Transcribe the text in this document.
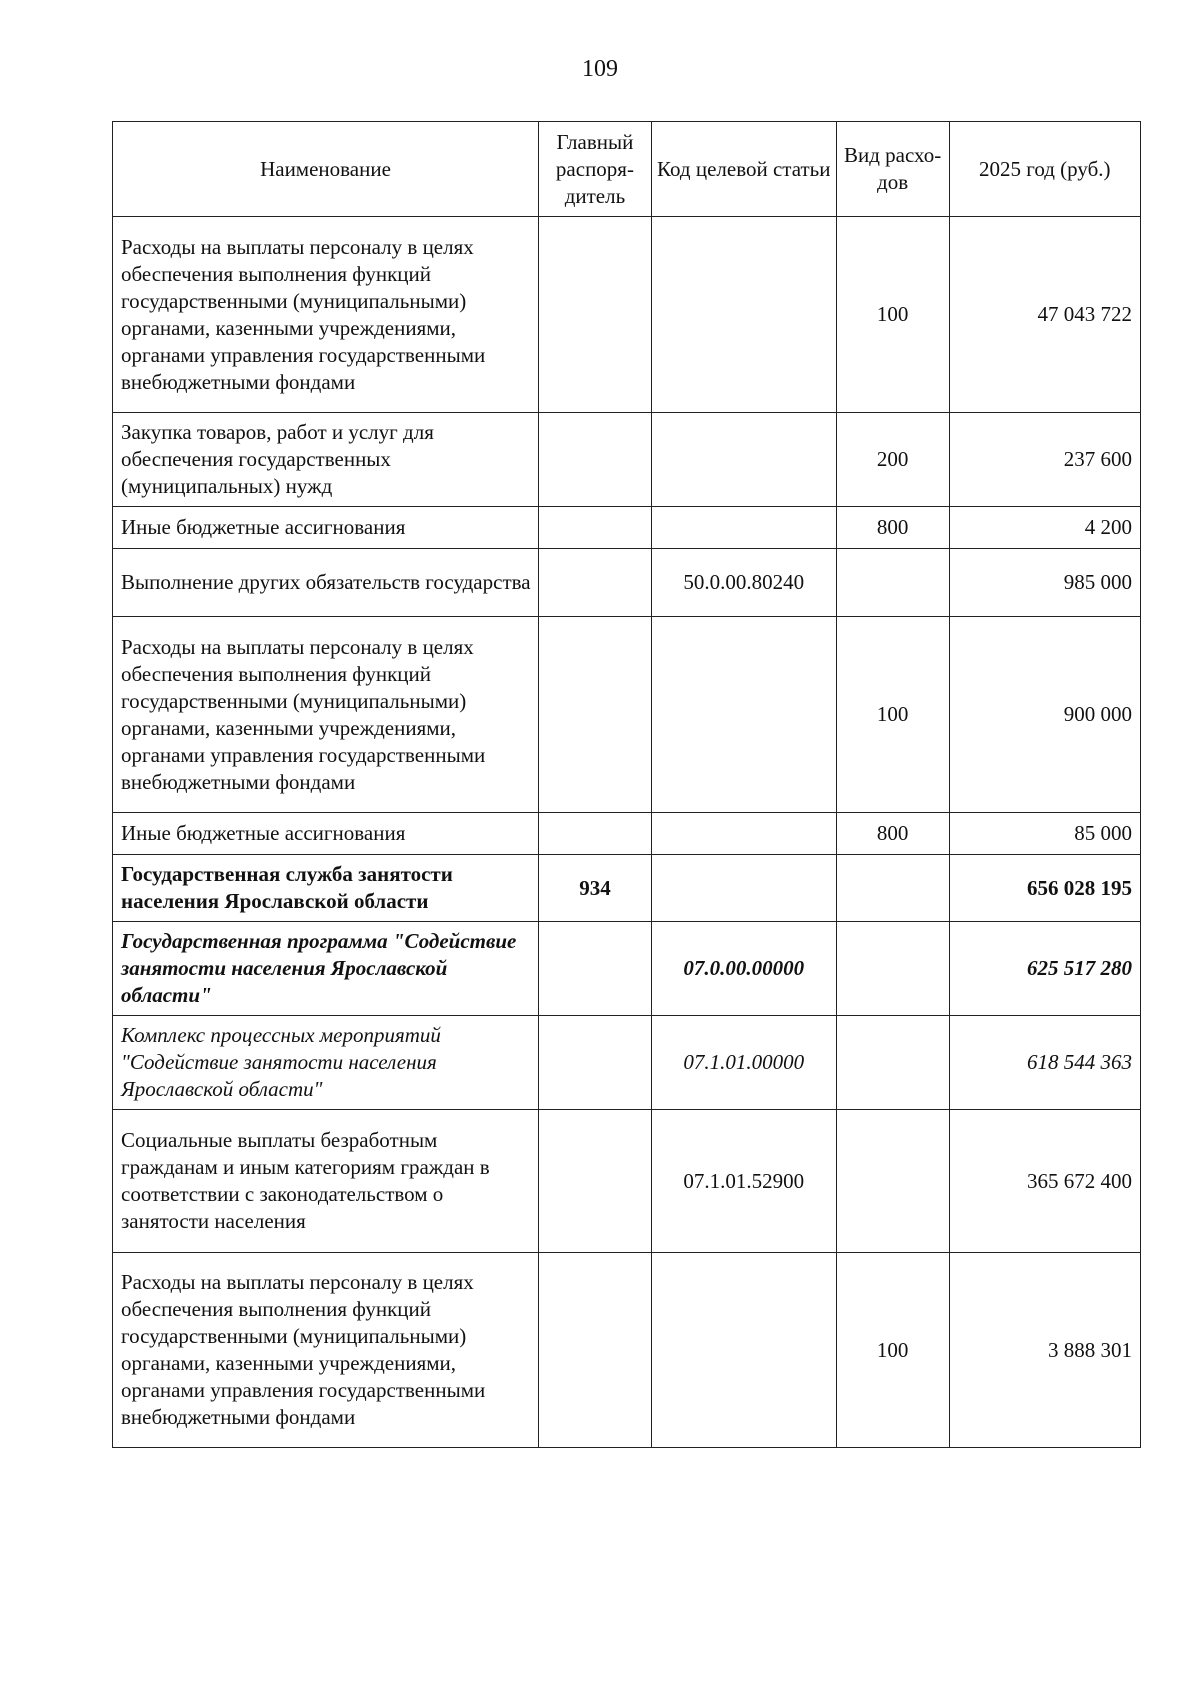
109
Наименование	Главный распоря-дитель	Код целевой статьи	Вид расхо-дов	2025 год (руб.)
Расходы на выплаты персоналу в целях обеспечения выполнения функций государственными (муниципальными) органами, казенными учреждениями, органами управления государственными внебюджетными фондами			100	47 043 722
Закупка товаров, работ и услуг для обеспечения государственных (муниципальных) нужд			200	237 600
Иные бюджетные ассигнования			800	4 200
Выполнение других обязательств государства		50.0.00.80240		985 000
Расходы на выплаты персоналу в целях обеспечения выполнения функций государственными (муниципальными) органами, казенными учреждениями, органами управления государственными внебюджетными фондами			100	900 000
Иные бюджетные ассигнования			800	85 000
Государственная служба занятости населения Ярославской области	934			656 028 195
Государственная программа "Содействие занятости населения Ярославской области"		07.0.00.00000		625 517 280
Комплекс процессных мероприятий "Содействие занятости населения Ярославской области"		07.1.01.00000		618 544 363
Социальные выплаты безработным гражданам и иным категориям граждан в соответствии с законодательством о занятости населения		07.1.01.52900		365 672 400
Расходы на выплаты персоналу в целях обеспечения выполнения функций государственными (муниципальными) органами, казенными учреждениями, органами управления государственными внебюджетными фондами			100	3 888 301
